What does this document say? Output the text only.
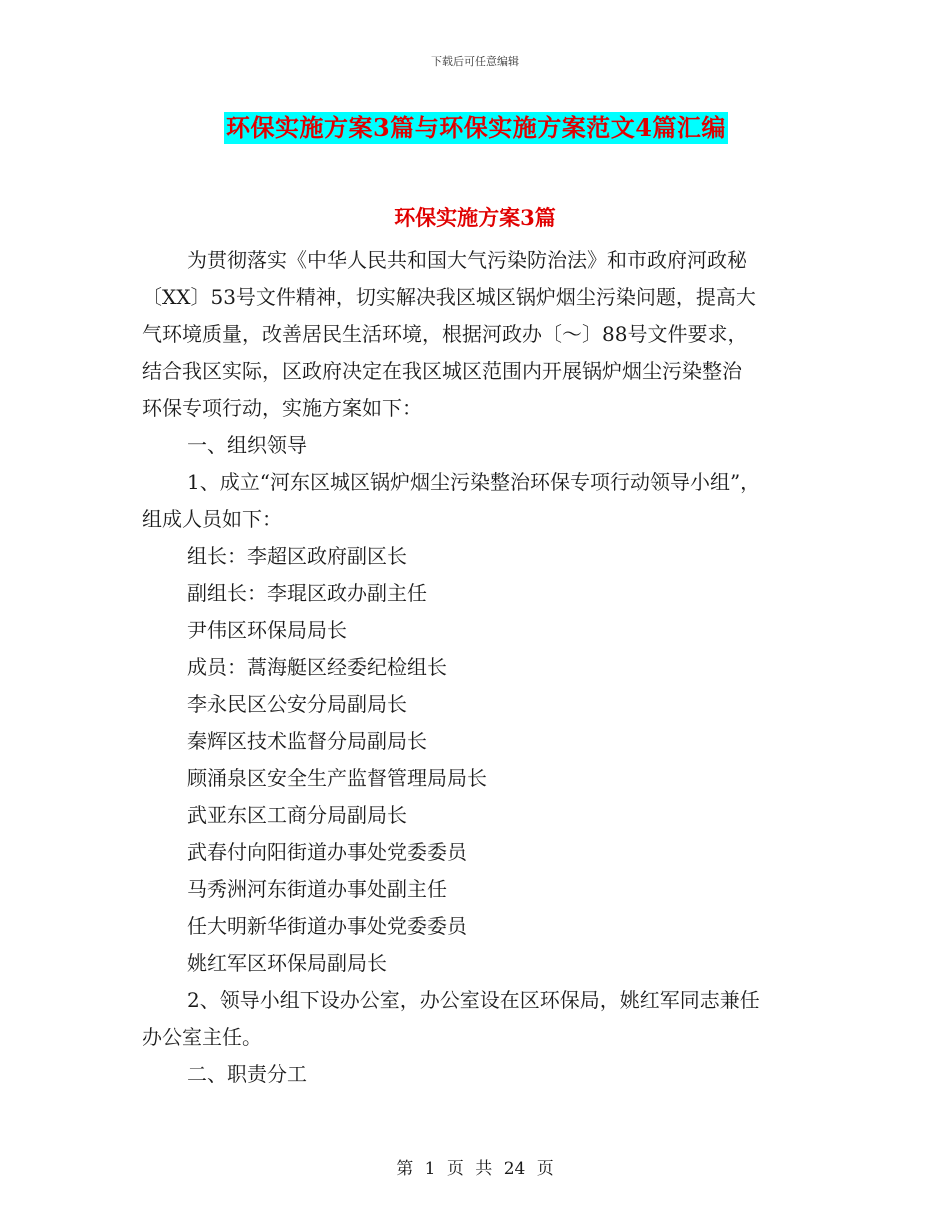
下载后可任意编辑
环保实施方案3篇与环保实施方案范文4篇汇编
环保实施方案3篇

为贯彻落实《中华人民共和国大气污染防治法》和市政府河政秘

〔XX〕53号文件精神，切实解决我区城区锅炉烟尘污染问题，提高大

气环境质量，改善居民生活环境，根据河政办〔～〕88号文件要求，

结合我区实际，区政府决定在我区城区范围内开展锅炉烟尘污染整治

环保专项行动，实施方案如下：

一、组织领导

1、成立“河东区城区锅炉烟尘污染整治环保专项行动领导小组”，

组成人员如下：

组长：李超区政府副区长

副组长：李琨区政办副主任

尹伟区环保局局长

成员：蒿海艇区经委纪检组长

李永民区公安分局副局长

秦辉区技术监督分局副局长

顾涌泉区安全生产监督管理局局长

武亚东区工商分局副局长

武春付向阳街道办事处党委委员

马秀洲河东街道办事处副主任

任大明新华街道办事处党委委员

姚红军区环保局副局长

2、领导小组下设办公室，办公室设在区环保局，姚红军同志兼任

办公室主任。

二、职责分工

第 1 页 共 24 页
